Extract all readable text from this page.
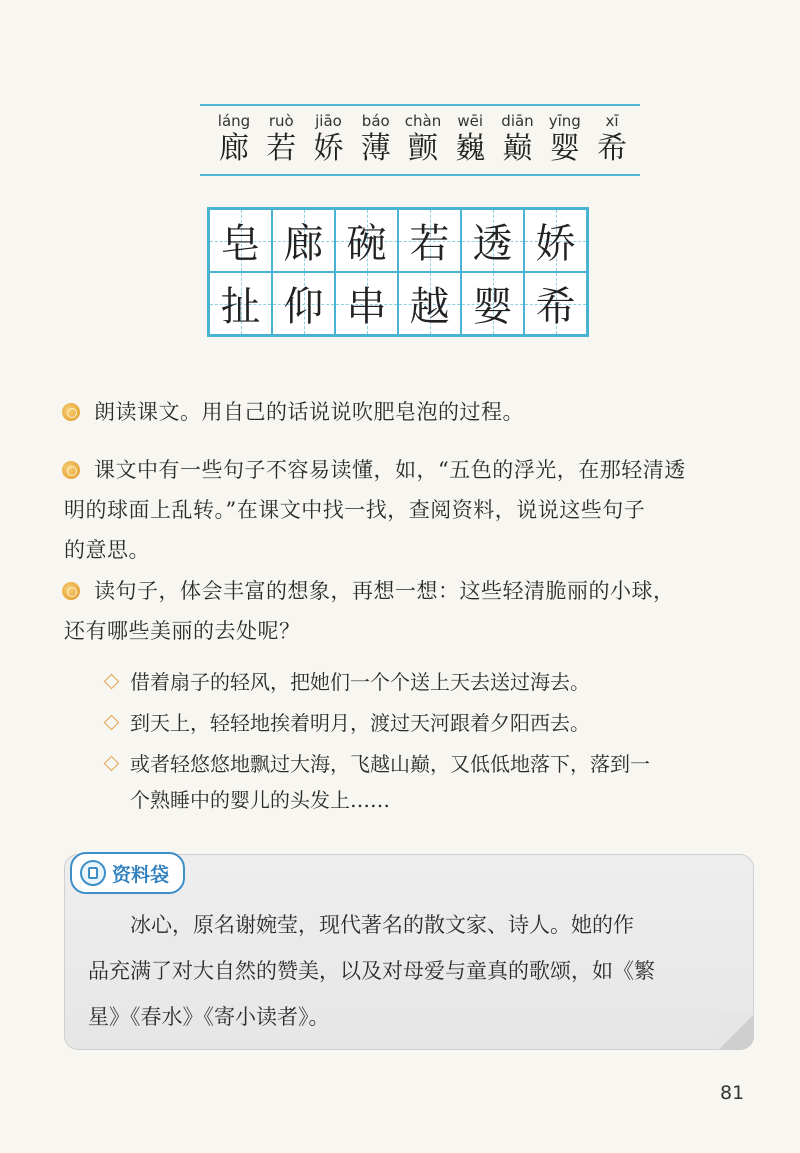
láng
廊
ruò
若
jiāo
娇
báo
薄
chàn
颤
wēi
巍
diān
巅
yīng
婴
xī
希
皂 廊 碗 若 透 娇
扯 仰 串 越 婴 希

朗读课文。用自己的话说说吹肥皂泡的过程。

课文中有一些句子不容易读懂，如，“五色的浮光，在那轻清透
明的球面上乱转。”在课文中找一找，查阅资料，说说这些句子
的意思。

读句子，体会丰富的想象，再想一想：这些轻清脆丽的小球，
还有哪些美丽的去处呢？

借着扇子的轻风，把她们一个个送上天去送过海去。

到天上，轻轻地挨着明月，渡过天河跟着夕阳西去。

或者轻悠悠地飘过大海，飞越山巅，又低低地落下，落到一
个熟睡中的婴儿的头发上……

资料袋

冰心，原名谢婉莹，现代著名的散文家、诗人。她的作
品充满了对大自然的赞美，以及对母爱与童真的歌颂，如《繁
星》《春水》《寄小读者》。

81
